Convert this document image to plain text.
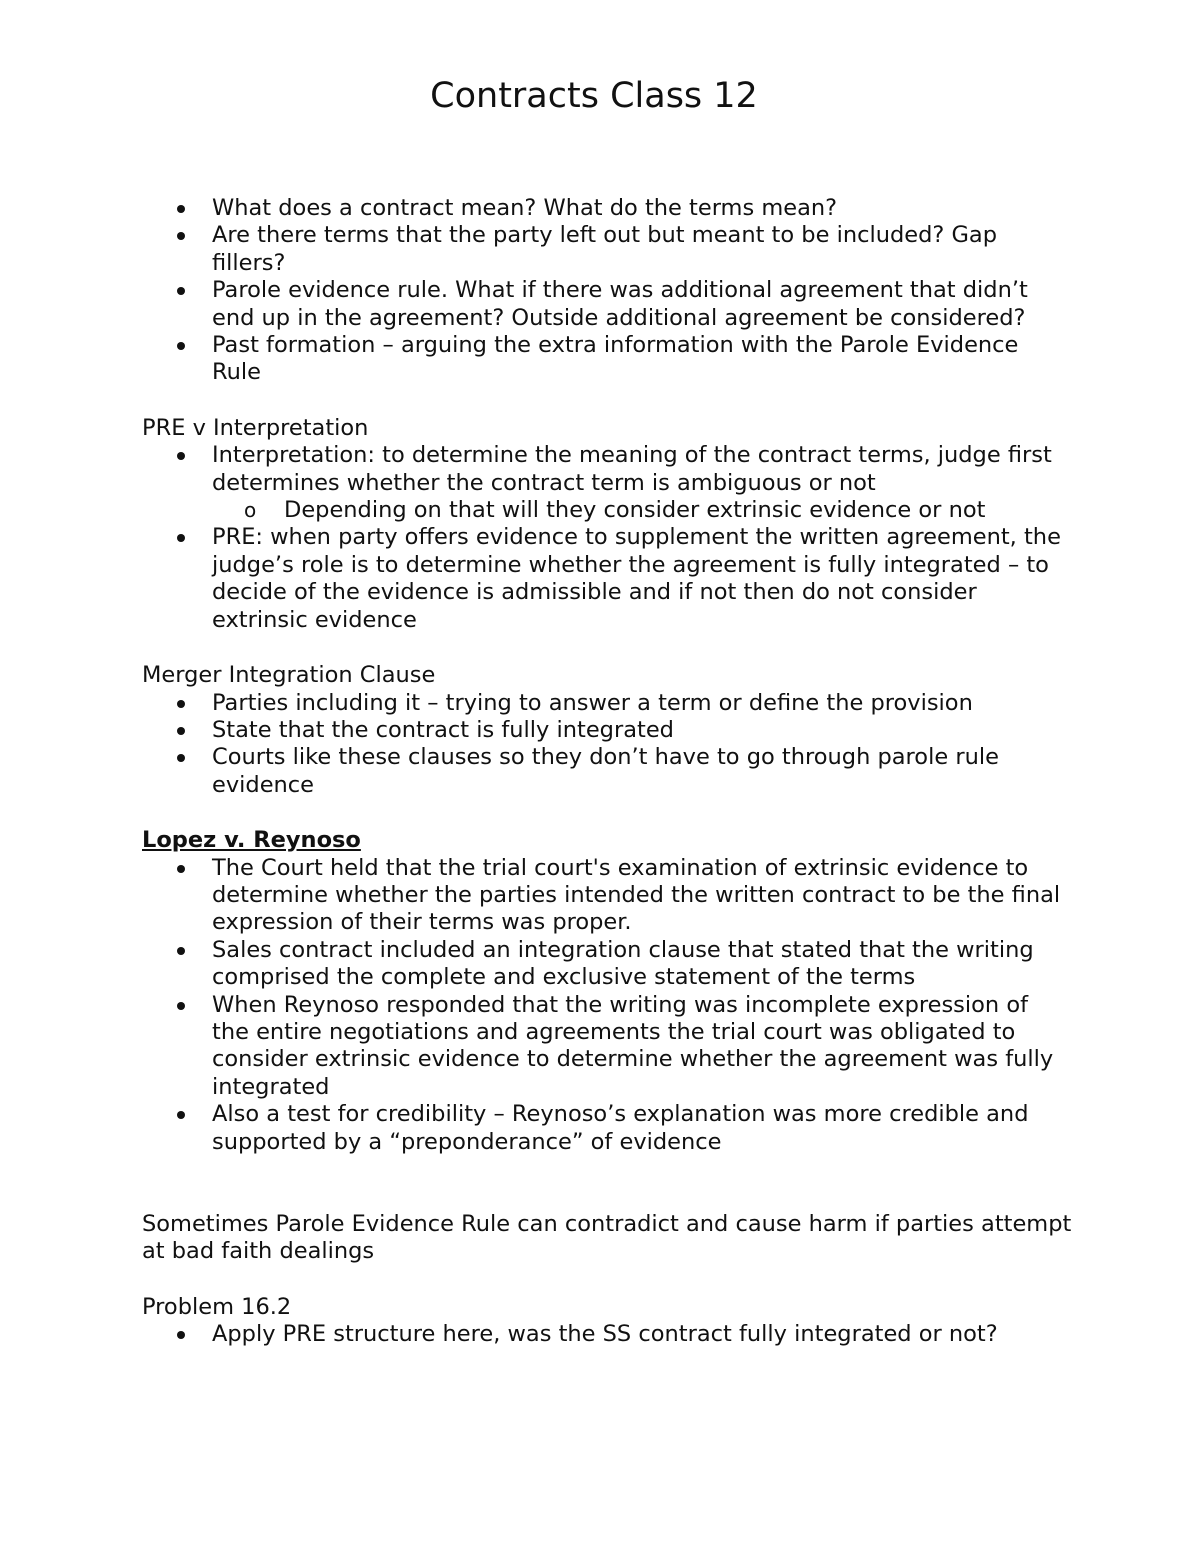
Contracts Class 12
What does a contract mean? What do the terms mean?
Are there terms that the party left out but meant to be included? Gap fillers?
Parole evidence rule. What if there was additional agreement that didn’t end up in the agreement? Outside additional agreement be considered?
Past formation – arguing the extra information with the Parole Evidence Rule

PRE v Interpretation

Interpretation: to determine the meaning of the contract terms, judge first determines whether the contract term is ambiguous or not
o Depending on that will they consider extrinsic evidence or not
PRE: when party offers evidence to supplement the written agreement, the judge’s role is to determine whether the agreement is fully integrated – to decide of the evidence is admissible and if not then do not consider extrinsic evidence

Merger Integration Clause

Parties including it – trying to answer a term or define the provision
State that the contract is fully integrated
Courts like these clauses so they don’t have to go through parole rule evidence

Lopez v. Reynoso

The Court held that the trial court's examination of extrinsic evidence to determine whether the parties intended the written contract to be the final expression of their terms was proper.
Sales contract included an integration clause that stated that the writing comprised the complete and exclusive statement of the terms
When Reynoso responded that the writing was incomplete expression of the entire negotiations and agreements the trial court was obligated to consider extrinsic evidence to determine whether the agreement was fully integrated
Also a test for credibility – Reynoso’s explanation was more credible and supported by a “preponderance” of evidence

Sometimes Parole Evidence Rule can contradict and cause harm if parties attempt at bad faith dealings

Problem 16.2

Apply PRE structure here, was the SS contract fully integrated or not?
